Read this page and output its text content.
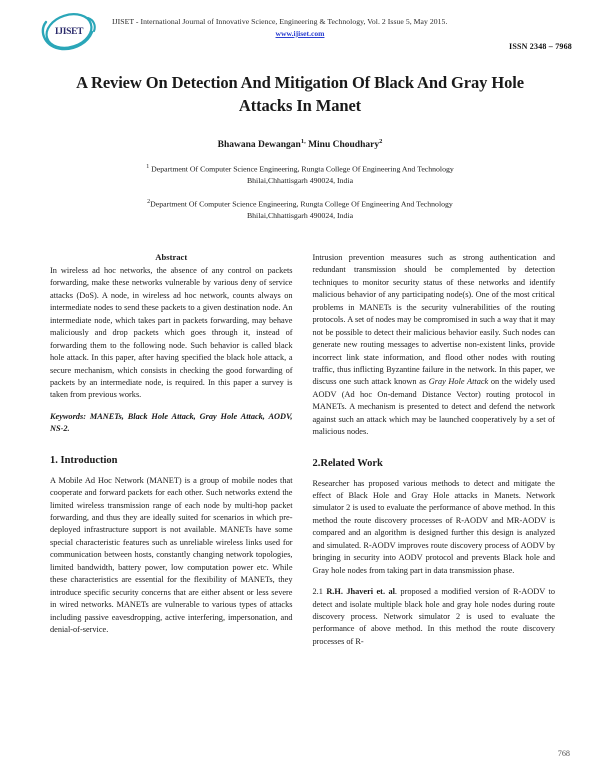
IJISET
IJISET - International Journal of Innovative Science, Engineering & Technology, Vol. 2 Issue 5, May 2015.
www.ijiset.com
ISSN 2348 – 7968
A Review On Detection And Mitigation Of Black And Gray Hole Attacks In Manet
Bhawana Dewangan$^{1,}$ Minu Choudhary$^2$
$^1$ Department Of Computer Science Engineering, Rungta College Of Engineering And Technology
Bhilai,Chhattisgarh 490024, India
$^2$Department Of Computer Science Engineering, Rungta College Of Engineering And Technology
Bhilai,Chhattisgarh 490024, India
Abstract

In wireless ad hoc networks, the absence of any control on packets forwarding, make these networks vulnerable by various deny of service attacks (DoS). A node, in wireless ad hoc network, counts always on intermediate nodes to send these packets to a given destination node. An intermediate node, which takes part in packets forwarding, may behave maliciously and drop packets which goes through it, instead of forwarding them to the following node. Such behavior is called black hole attack. In this paper, after having specified the black hole attack, a secure mechanism, which consists in checking the good forwarding of packets by an intermediate node, is required. In this paper a survey is taken from previous works.

Keywords: MANETs, Black Hole Attack, Gray Hole Attack, AODV, NS-2.

1. Introduction

A Mobile Ad Hoc Network (MANET) is a group of mobile nodes that cooperate and forward packets for each other. Such networks extend the limited wireless transmission range of each node by multi-hop packet forwarding, and thus they are ideally suited for scenarios in which pre-deployed infrastructure support is not available. MANETs have some special characteristic features such as unreliable wireless links used for communication between hosts, constantly changing network topologies, limited bandwidth, battery power, low computation power etc. While these characteristics are essential for the flexibility of MANETs, they introduce specific security concerns that are either absent or less severe in wired networks. MANETs are vulnerable to various types of attacks including passive eavesdropping, active interfering, impersonation, and denial-of-service.

Intrusion prevention measures such as strong authentication and redundant transmission should be complemented by detection techniques to monitor security status of these networks and identify malicious behavior of any participating node(s). One of the most critical problems in MANETs is the security vulnerabilities of the routing protocols. A set of nodes may be compromised in such a way that it may not be possible to detect their malicious behavior easily. Such nodes can generate new routing messages to advertise non-existent links, provide incorrect link state information, and flood other nodes with routing traffic, thus inflicting Byzantine failure in the network. In this paper, we discuss one such attack known as Gray Hole Attack on the widely used AODV (Ad hoc On-demand Distance Vector) routing protocol in MANETs. A mechanism is presented to detect and defend the network against such an attack which may be launched cooperatively by a set of malicious nodes.

2.Related Work

Researcher has proposed various methods to detect and mitigate the effect of Black Hole and Gray Hole attacks in Manets. Network simulator 2 is used to evaluate the performance of above method. In this method the route discovery processes of R-AODV and MR-AODV is compared and an algorithm is designed further this design is analyzed and simulated. R-AODV improves route discovery process of AODV by bringing in security into AODV protocol and prevents Black hole and Gray hole nodes from taking part in data transmission phase.

2.1 R.H. Jhaveri et. al. proposed a modified version of R-AODV to detect and isolate multiple black hole and gray hole nodes during route discovery process. Network simulator 2 is used to evaluate the performance of above method. In this method the route discovery processes of R-

768
